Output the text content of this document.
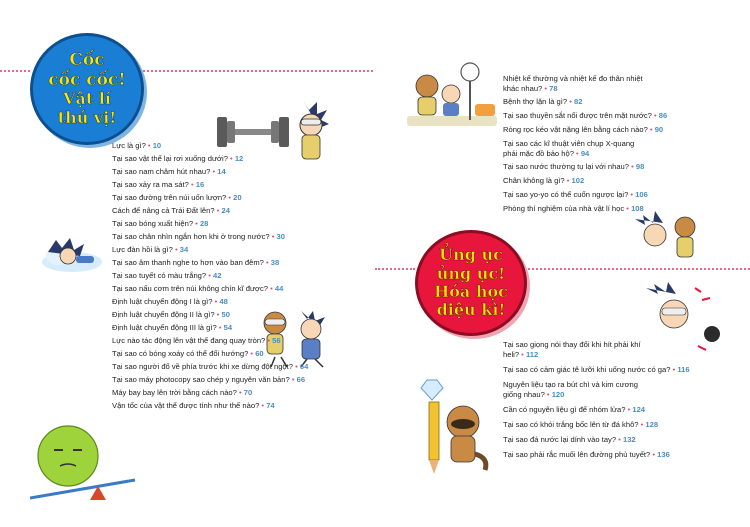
Cốc
cốc cốc!
Vật lí
thú vị!
Lực là gì? • 10
Tại sao vật thể lại rơi xuống dưới? • 12
Tại sao nam châm hút nhau? • 14
Tại sao xảy ra ma sát? • 16
Tại sao đường trên núi uốn lượn? • 20
Cách để nâng cả Trái Đất lên? • 24
Tại sao bóng xuất hiện? • 28
Tại sao chân nhìn ngắn hơn khi ở trong nước? • 30
Lực đàn hồi là gì? • 34
Tại sao âm thanh nghe to hơn vào ban đêm? • 38
Tại sao tuyết có màu trắng? • 42
Tại sao nấu cơm trên núi không chín kĩ được? • 44
Định luật chuyển động I là gì? • 48
Định luật chuyển động II là gì? • 50
Định luật chuyển động III là gì? • 54
Lực nào tác động lên vật thể đang quay tròn? • 56
Tại sao có bóng xoáy có thể đổi hướng? • 60
Tại sao người đổ về phía trước khi xe dừng đột ngột? • 64
Tại sao máy photocopy sao chép y nguyên văn bản? • 66
Máy bay bay lên trời bằng cách nào? • 70
Vận tốc của vật thể được tính như thế nào? • 74
Ủng ục
ủng ục!
Hóa học
diệu kì!
Nhiệt kế thường và nhiệt kế đo thân nhiệt khác nhau? • 78
Bệnh thợ lặn là gì? • 82
Tại sao thuyền sắt nổi được trên mặt nước? • 86
Ròng rọc kéo vật nặng lên bằng cách nào? • 90
Tại sao các kĩ thuật viên chụp X-quang phải mặc đồ bảo hộ? • 94
Tại sao nước thường tụ lại với nhau? • 98
Chân không là gì? • 102
Tại sao yo-yo có thể cuốn ngược lại? • 106
Phòng thí nghiệm của nhà vật lí học • 108
Tại sao giọng nói thay đổi khi hít phải khí heli? • 112
Tại sao có cảm giác tê lưỡi khi uống nước có ga? • 116
Nguyên liệu tạo ra bút chì và kim cương giống nhau? • 120
Cần có nguyên liệu gì để nhóm lửa? • 124
Tại sao có khói trắng bốc lên từ đá khô? • 128
Tại sao đá nước lại dính vào tay? • 132
Tại sao phải rắc muối lên đường phủ tuyết? • 136
